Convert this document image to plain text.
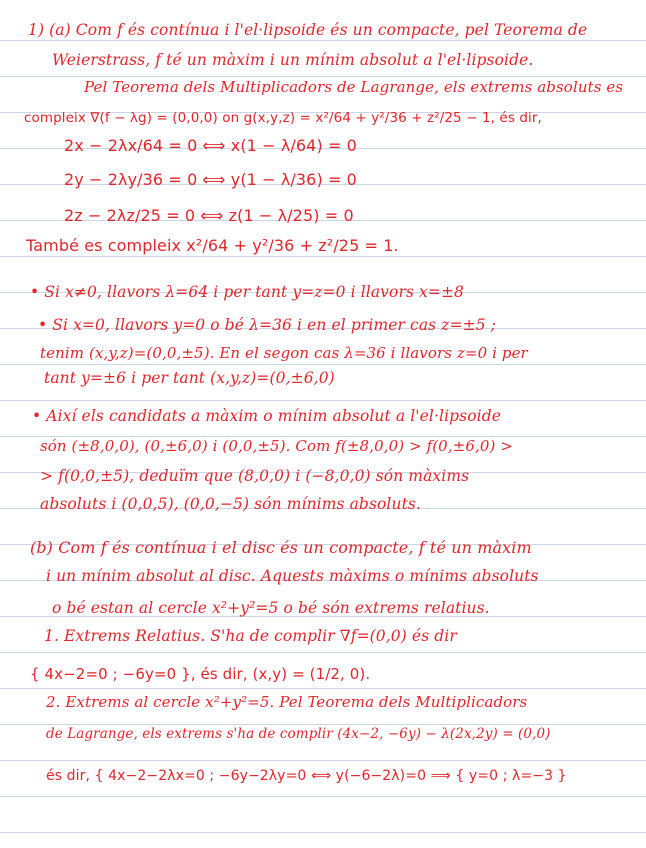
1) (a) Com f és contínua i l'el·lipsoide és un compacte, pel Teorema de
Weierstrass, f té un màxim i un mínim absolut a l'el·lipsoide.
Pel Teorema dels Multiplicadors de Lagrange, els extrems absoluts es
compleix ∇(f − λg) = (0,0,0) on g(x,y,z) = x²/64 + y²/36 + z²/25 − 1, és dir,
2x − 2λx/64 = 0 ⟺ x(1 − λ/64) = 0
2y − 2λy/36 = 0 ⟺ y(1 − λ/36) = 0
2z − 2λz/25 = 0 ⟺ z(1 − λ/25) = 0
També es compleix x²/64 + y²/36 + z²/25 = 1.
• Si x≠0, llavors λ=64 i per tant y=z=0 i llavors x=±8
• Si x=0, llavors y=0 o bé λ=36 i en el primer cas z=±5 ;
tenim (x,y,z)=(0,0,±5). En el segon cas λ=36 i llavors z=0 i per
tant y=±6 i per tant (x,y,z)=(0,±6,0)
• Així els candidats a màxim o mínim absolut a l'el·lipsoide
són (±8,0,0), (0,±6,0) i (0,0,±5). Com f(±8,0,0) > f(0,±6,0) >
> f(0,0,±5), deduïm que (8,0,0) i (−8,0,0) són màxims
absoluts i (0,0,5), (0,0,−5) són mínims absoluts.
(b) Com f és contínua i el disc és un compacte, f té un màxim
i un mínim absolut al disc. Aquests màxims o mínims absoluts
o bé estan al cercle x²+y²=5 o bé són extrems relatius.
1. Extrems Relatius. S'ha de complir ∇f=(0,0) és dir
{ 4x−2=0 ; −6y=0 }, és dir, (x,y) = (1/2, 0).
2. Extrems al cercle x²+y²=5. Pel Teorema dels Multiplicadors
de Lagrange, els extrems s'ha de complir (4x−2, −6y) − λ(2x,2y) = (0,0)
és dir, { 4x−2−2λx=0 ; −6y−2λy=0 ⟺ y(−6−2λ)=0 ⟹ { y=0 ; λ=−3 }
